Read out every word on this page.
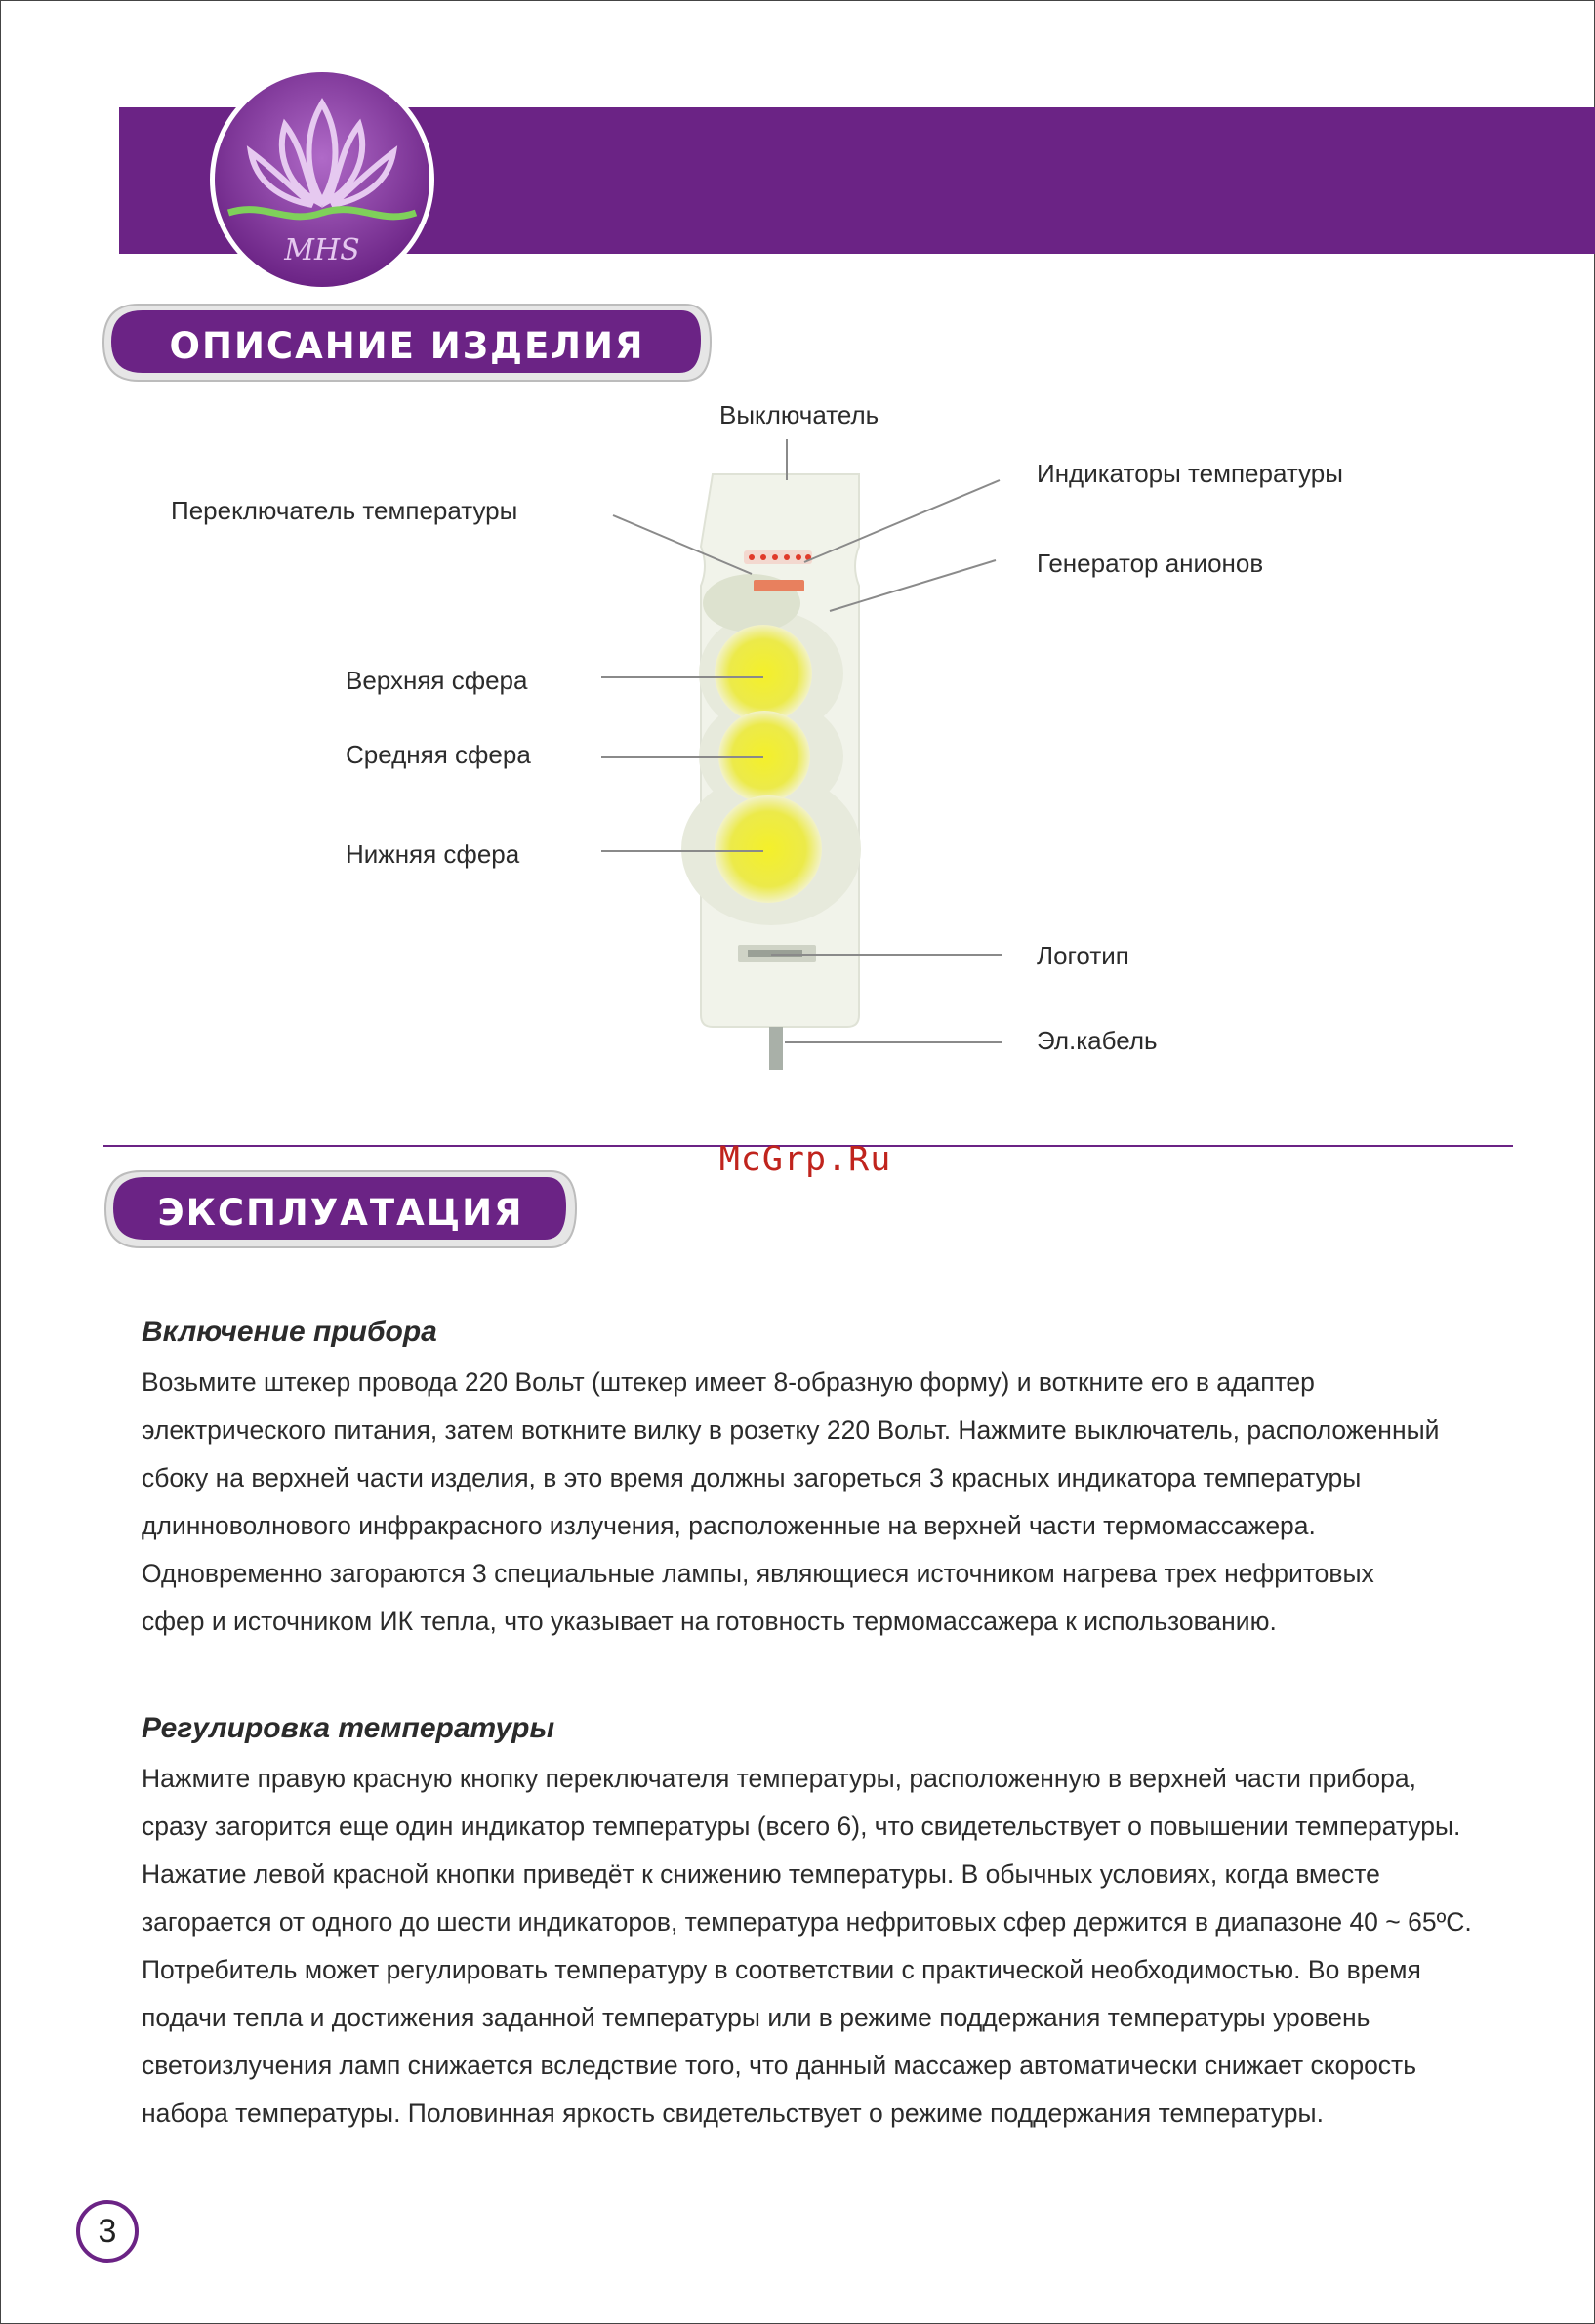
MHS
ОПИСАНИЕ ИЗДЕЛИЯ
Выключатель
Индикаторы температуры
Переключатель температуры
Генератор анионов
Верхняя сфера
Средняя сфера
Нижняя сфера
Логотип
Эл.кабель
McGrp.Ru
ЭКСПЛУАТАЦИЯ
Включение прибора
Возьмите штекер провода 220 Вольт (штекер имеет 8-образную форму) и воткните его в адаптер
электрического питания, затем воткните вилку в розетку 220 Вольт. Нажмите выключатель, расположенный
сбоку на верхней части изделия, в это время должны загореться 3 красных индикатора температуры
длинноволнового инфракрасного излучения, расположенные на верхней части термомассажера.
Одновременно загораются 3 специальные лампы, являющиеся источником нагрева трех нефритовых
сфер и источником ИК тепла, что указывает на готовность термомассажера к использованию.
Регулировка температуры
Нажмите правую красную кнопку переключателя температуры, расположенную в верхней части прибора,
сразу загорится еще один индикатор температуры (всего 6), что свидетельствует о повышении температуры.
Нажатие левой красной кнопки приведёт к снижению температуры. В обычных условиях, когда вместе
загорается от одного до шести индикаторов, температура нефритовых сфер держится в диапазоне 40 ~ 65ºС.
Потребитель может регулировать температуру в соответствии с практической необходимостью. Во время
подачи тепла и достижения заданной температуры или в режиме поддержания температуры уровень
светоизлучения ламп снижается вследствие того, что данный массажер автоматически снижает скорость
набора температуры. Половинная яркость свидетельствует о режиме поддержания температуры.
3
